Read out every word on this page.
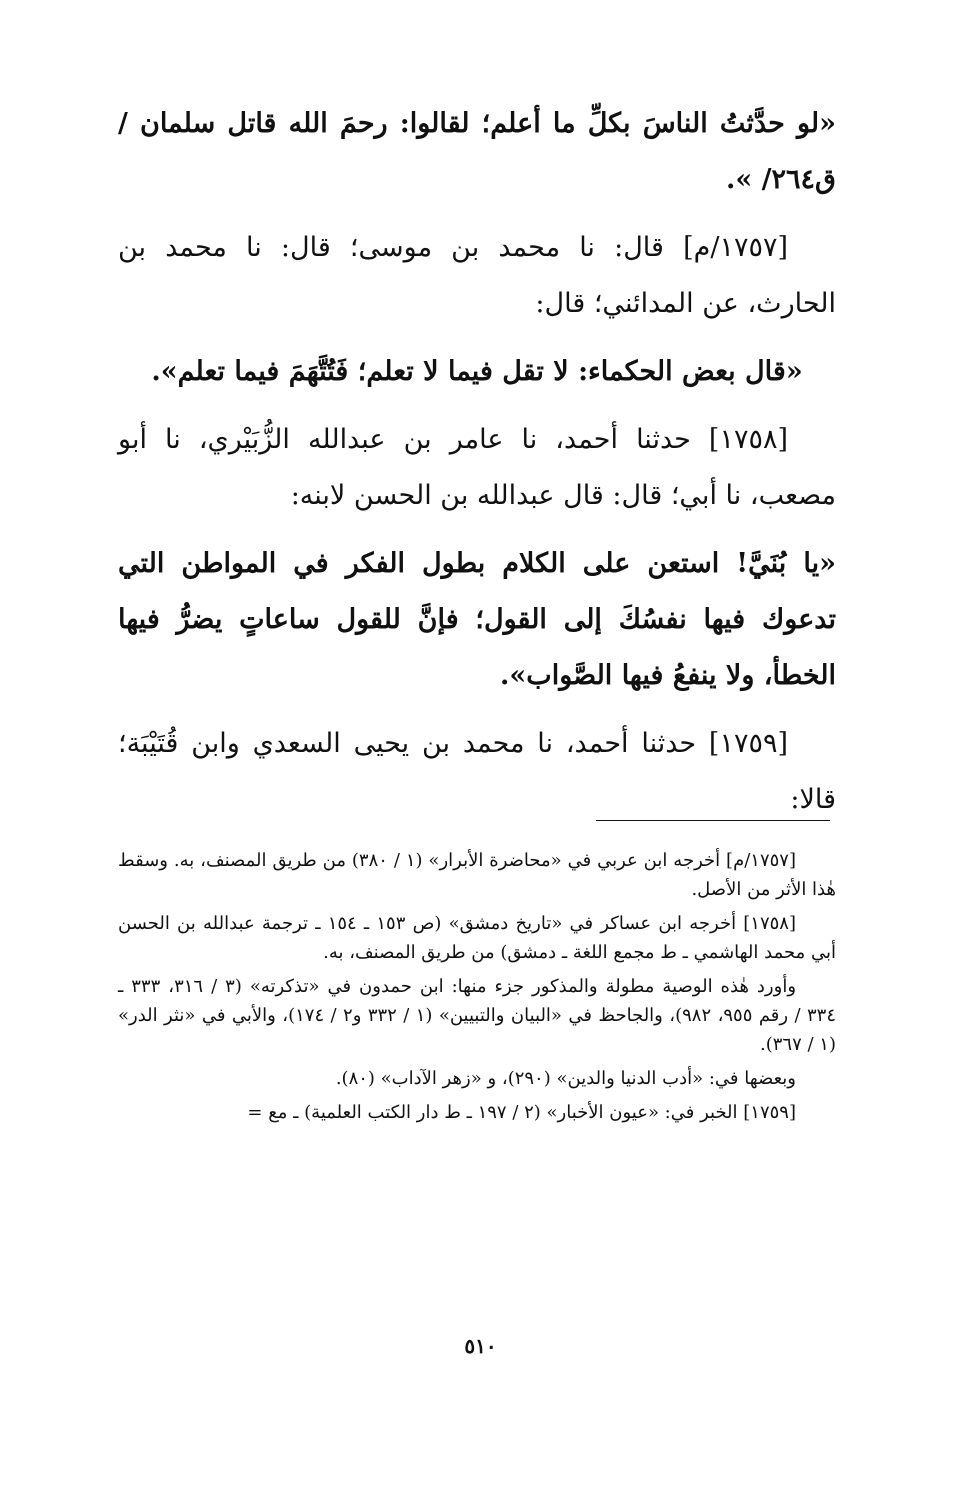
«لو حدَّثتُ الناسَ بكلِّ ما أعلم؛ لقالوا: رحمَ الله قاتل سلمان / ق٢٦٤/ ».

[١٧٥٧/م] قال: نا محمد بن موسى؛ قال: نا محمد بن الحارث، عن المدائني؛ قال:

«قال بعض الحكماء: لا تقل فيما لا تعلم؛ فَتُتَّهَمَ فيما تعلم».

[١٧٥٨] حدثنا أحمد، نا عامر بن عبدالله الزُّبَيْري، نا أبو مصعب، نا أبي؛ قال: قال عبدالله بن الحسن لابنه:

«يا بُنَيَّ! استعن على الكلام بطول الفكر في المواطن التي تدعوك فيها نفسُكَ إلى القول؛ فإنَّ للقول ساعاتٍ يضرُّ فيها الخطأ، ولا ينفعُ فيها الصَّواب».

[١٧٥٩] حدثنا أحمد، نا محمد بن يحيى السعدي وابن قُتَيْبَة؛ قالا:

[١٧٥٧/م] أخرجه ابن عربي في «محاضرة الأبرار» (١ / ٣٨٠) من طريق المصنف، به. وسقط هٰذا الأثر من الأصل.

[١٧٥٨] أخرجه ابن عساكر في «تاريخ دمشق» (ص ١٥٣ ـ ١٥٤ ـ ترجمة عبدالله بن الحسن أبي محمد الهاشمي ـ ط مجمع اللغة ـ دمشق) من طريق المصنف، به.

وأورد هٰذه الوصية مطولة والمذكور جزء منها: ابن حمدون في «تذكرته» (٣ / ٣١٦، ٣٣٣ ـ ٣٣٤ / رقم ٩٥٥، ٩٨٢)، والجاحظ في «البيان والتبيين» (١ / ٣٣٢ و٢ / ١٧٤)، والأبي في «نثر الدر» (١ / ٣٦٧).

وبعضها في: «أدب الدنيا والدين» (٢٩٠)، و «زهر الآداب» (٨٠).

[١٧٥٩] الخبر في: «عيون الأخبار» (٢ / ١٩٧ ـ ط دار الكتب العلمية) ـ مع =

٥١٠
